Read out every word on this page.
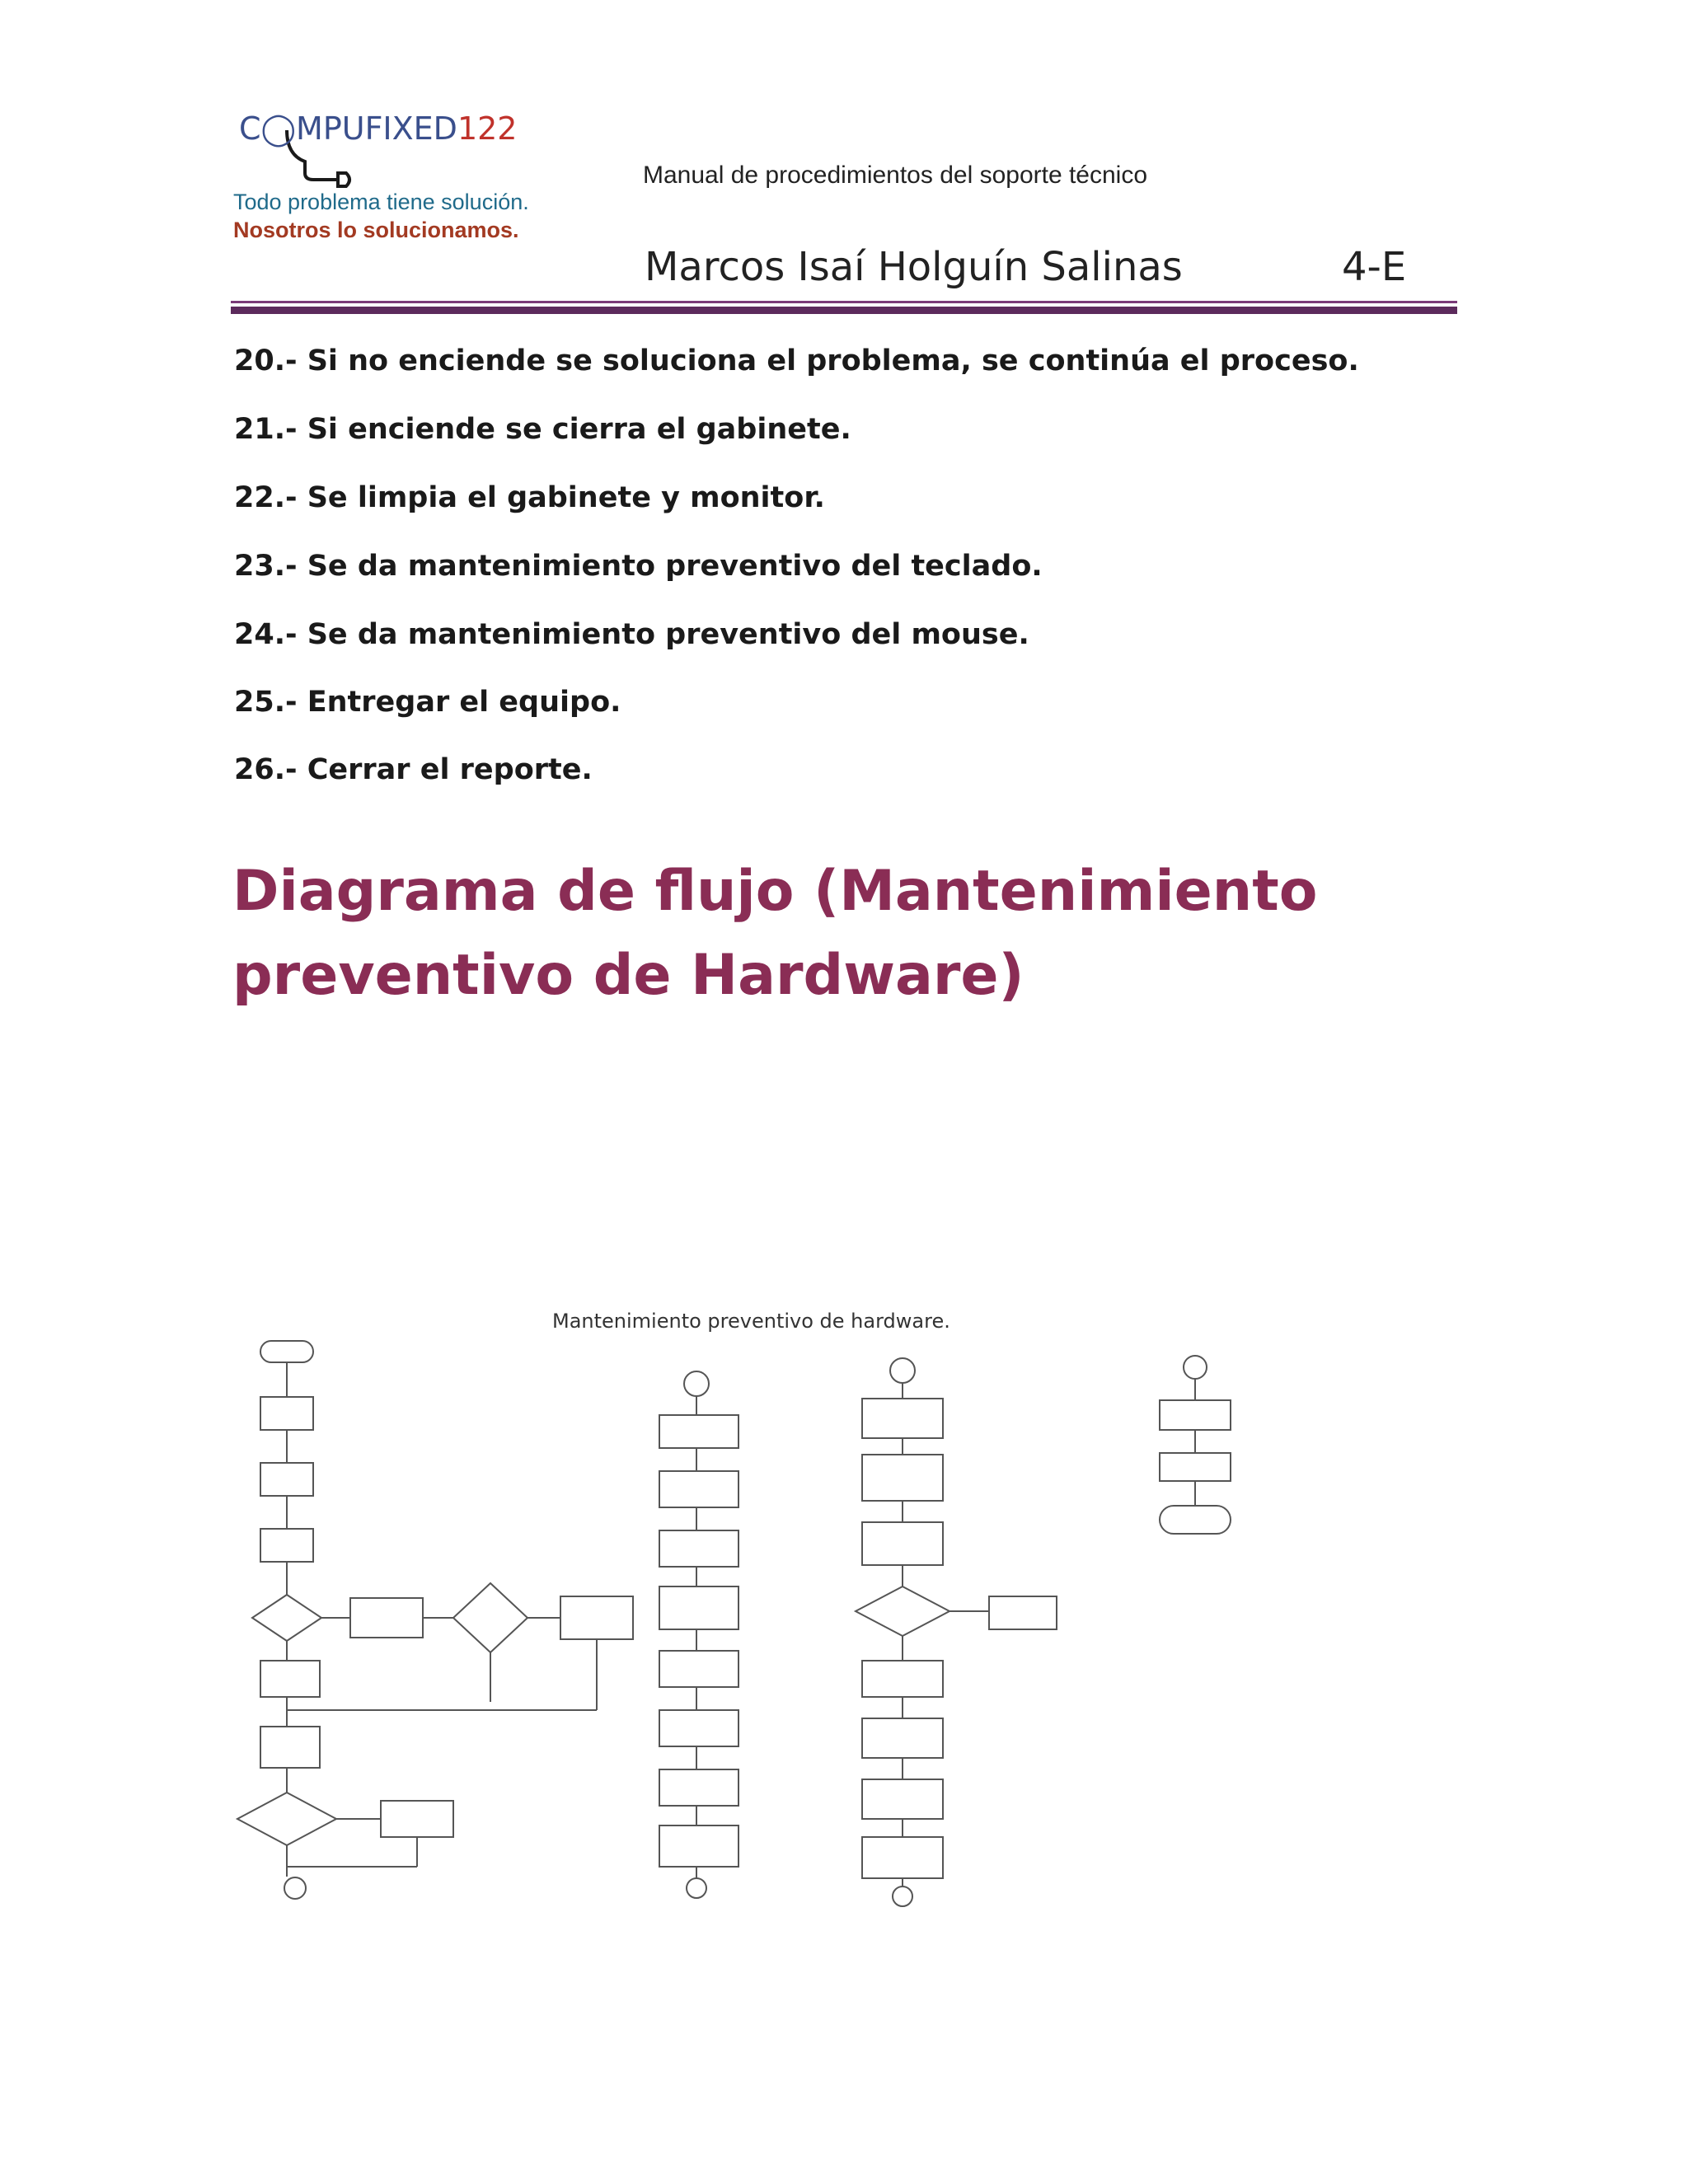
C◯MPUFIXED122
Todo problema tiene solución.
Nosotros lo solucionamos.
Manual de procedimientos del soporte técnico
Marcos Isaí Holguín Salinas	4-E
20.- Si no enciende se soluciona el problema, se continúa el proceso.
21.- Si enciende se cierra el gabinete.
22.- Se limpia el gabinete y monitor.
23.- Se da mantenimiento preventivo del teclado.
24.- Se da mantenimiento preventivo del mouse.
25.- Entregar el equipo.
26.- Cerrar el reporte.
Diagrama de flujo (Mantenimiento
preventivo de Hardware)
Mantenimiento preventivo de hardware.
